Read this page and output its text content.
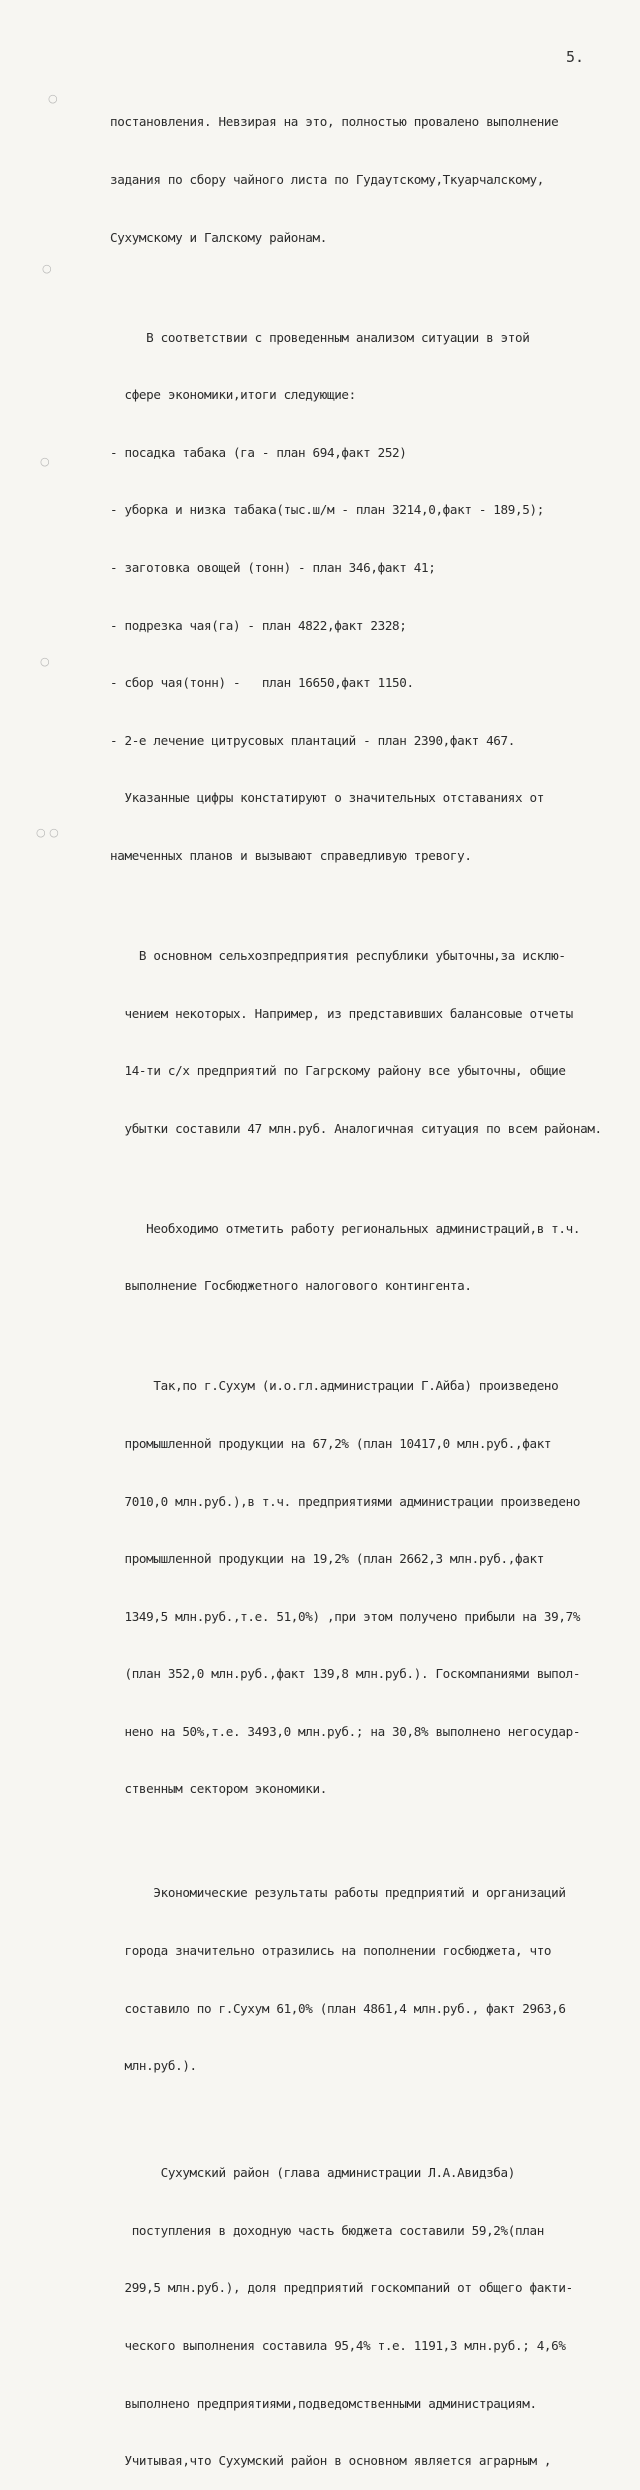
5.
○
○
○
○
○ ○

постановления. Невзирая на это, полностью провалено выполнение

задания по сбору чайного листа по Гудаутскому,Ткуарчалскому,

Сухумскому и Галскому районам.

В соответствии с проведенным анализом ситуации в этой

сфере экономики,итоги следующие:

- посадка табака (га - план 694,факт 252)

- уборка и низка табака(тыс.ш/м - план 3214,0,факт - 189,5);

- заготовка овощей (тонн) - план 346,факт 41;

- подрезка чая(га) - план 4822,факт 2328;

- сбор чая(тонн) -   план 16650,факт 1150.

- 2-е лечение цитрусовых плантаций - план 2390,факт 467.

Указанные цифры констатируют о значительных отставаниях от

намеченных планов и вызывают справедливую тревогу.

В основном сельхозпредприятия республики убыточны,за исклю-

чением некоторых. Например, из представивших балансовые отчеты

14-ти с/х предприятий по Гагрскому району все убыточны, общие

убытки составили 47 млн.руб. Аналогичная ситуация по всем районам.

Необходимо отметить работу региональных администраций,в т.ч.

выполнение Госбюджетного налогового контингента.

Так,по г.Сухум (и.о.гл.администрации Г.Айба) произведено

промышленной продукции на 67,2% (план 10417,0 млн.руб.,факт

7010,0 млн.руб.),в т.ч. предприятиями администрации произведено

промышленной продукции на 19,2% (план 2662,3 млн.руб.,факт

1349,5 млн.руб.,т.е. 51,0%) ,при этом получено прибыли на 39,7%

(план 352,0 млн.руб.,факт 139,8 млн.руб.). Госкомпаниями выпол-

нено на 50%,т.е. 3493,0 млн.руб.; на 30,8% выполнено негосудар-

ственным сектором экономики.

Экономические результаты работы предприятий и организаций

города значительно отразились на пополнении госбюджета, что

составило по г.Сухум 61,0% (план 4861,4 млн.руб., факт 2963,6

млн.руб.).

Сухумский район (глава администрации Л.А.Авидзба)

поступления в доходную часть бюджета составили 59,2%(план

299,5 млн.руб.), доля предприятий госкомпаний от общего факти-

ческого выполнения составила 95,4% т.е. 1191,3 млн.руб.; 4,6%

выполнено предприятиями,подведомственными администрациям.

Учитывая,что Сухумский район в основном является аграрным ,
